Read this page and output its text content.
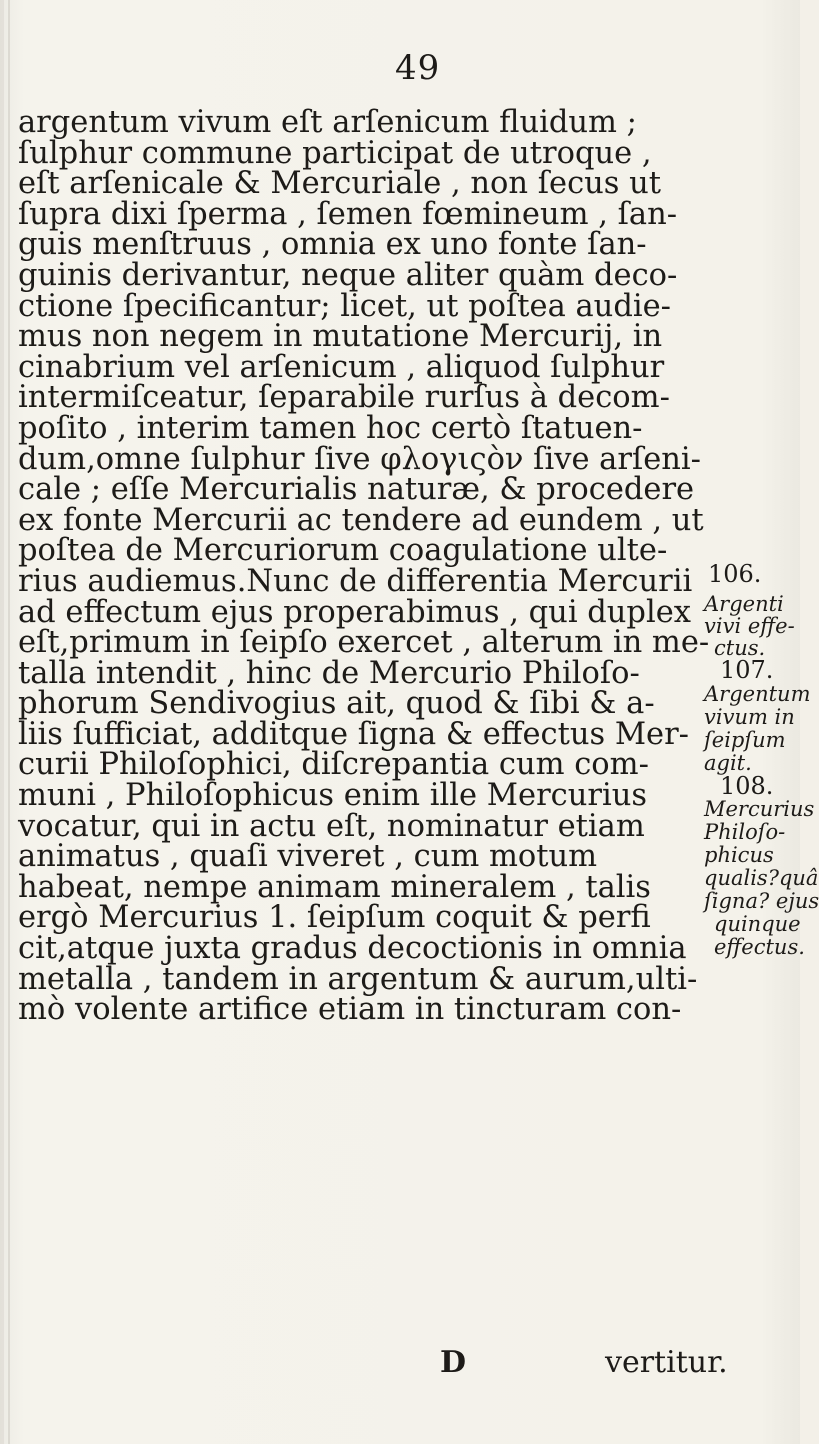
49
argentum vivum eſt arſenicum fluidum ;
ſulphur commune participat de utroque ,
eſt arſenicale & Mercuriale , non ſecus ut
ſupra dixi ſperma , ſemen fœmineum , ſan-
guis menſtruus , omnia ex uno fonte ſan-
guinis derivantur, neque aliter quàm deco-
ctione ſpecificantur; licet, ut poſtea audie-
mus non negem in mutatione Mercurij, in
cinabrium vel arſenicum , aliquod ſulphur
intermiſceatur, ſeparabile rurſus à decom-
poſito , interim tamen hoc certò ſtatuen-
dum,omne ſulphur ſive φλογιςὸν ſive arſeni-
cale ; eſſe Mercurialis naturæ, & procedere
ex fonte Mercurii ac tendere ad eundem , ut
poſtea de Mercuriorum coagulatione ulte-
rius audiemus.Nunc de differentia Mercurii
ad effectum ejus properabimus , qui duplex
eſt,primum in ſeipſo exercet , alterum in me-
talla intendit , hinc de Mercurio Philoſo-
phorum Sendivogius ait, quod & ſibi & a-
liis ſufficiat, additque ſigna & effectus Mer-
curii Philoſophici, diſcrepantia cum com-
muni , Philoſophicus enim ille Mercurius
vocatur, qui in actu eſt, nominatur etiam
animatus , quaſi viveret , cum motum
habeat, nempe animam mineralem , talis
ergò Mercurius 1. ſeipſum coquit & perfi
cit,atque juxta gradus decoctionis in omnia
metalla , tandem in argentum & aurum,ulti-
mò volente artifice etiam in tincturam con-
106.
Argenti
vivi effe-
ctus.
107.
Argentum
vivum in
ſeipſum
agit.
108.
Mercurius
Philoſo-
phicus
qualis?quâ
ſigna? ejus
quinque
effectus.
D	vertitur.
